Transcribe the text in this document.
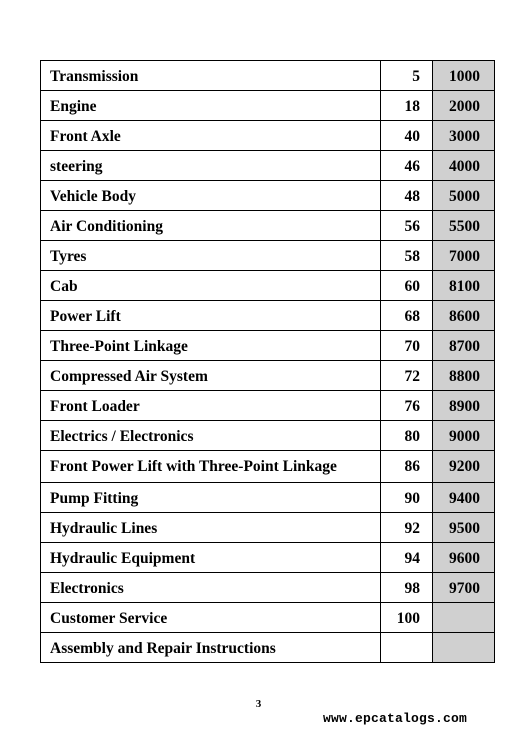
Transmission	5	1000
Engine	18	2000
Front Axle	40	3000
steering	46	4000
Vehicle Body	48	5000
Air Conditioning	56	5500
Tyres	58	7000
Cab	60	8100
Power Lift	68	8600
Three-Point Linkage	70	8700
Compressed Air System	72	8800
Front Loader	76	8900
Electrics / Electronics	80	9000
Front Power Lift with Three-Point Linkage	86	9200
Pump Fitting	90	9400
Hydraulic Lines	92	9500
Hydraulic Equipment	94	9600
Electronics	98	9700
Customer Service	100	
Assembly and Repair Instructions		
3
www.epcatalogs.com
